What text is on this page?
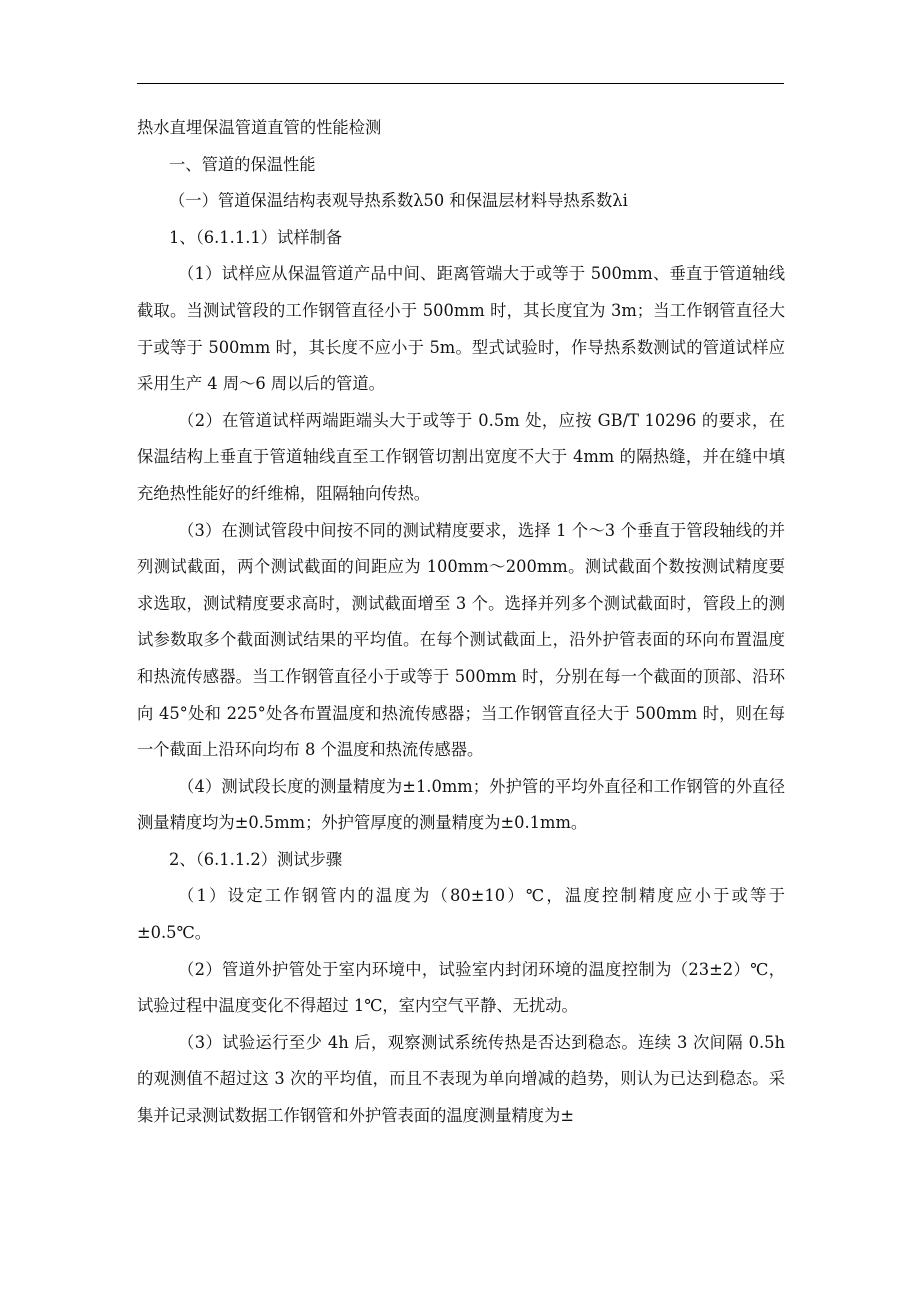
热水直埋保温管道直管的性能检测

一、管道的保温性能

（一）管道保温结构表观导热系数λ50 和保温层材料导热系数λi

1、（6.1.1.1）试样制备

（1）试样应从保温管道产品中间、距离管端大于或等于 500mm、垂直于管道轴线截取。当测试管段的工作钢管直径小于 500mm 时，其长度宜为 3m；当工作钢管直径大于或等于 500mm 时，其长度不应小于 5m。型式试验时，作导热系数测试的管道试样应采用生产 4 周～6 周以后的管道。

（2）在管道试样两端距端头大于或等于 0.5m 处，应按 GB/T 10296 的要求，在保温结构上垂直于管道轴线直至工作钢管切割出宽度不大于 4mm 的隔热缝，并在缝中填充绝热性能好的纤维棉，阻隔轴向传热。

（3）在测试管段中间按不同的测试精度要求，选择 1 个～3 个垂直于管段轴线的并列测试截面，两个测试截面的间距应为 100mm～200mm。测试截面个数按测试精度要求选取，测试精度要求高时，测试截面增至 3 个。选择并列多个测试截面时，管段上的测试参数取多个截面测试结果的平均值。在每个测试截面上，沿外护管表面的环向布置温度和热流传感器。当工作钢管直径小于或等于 500mm 时，分别在每一个截面的顶部、沿环向 45°处和 225°处各布置温度和热流传感器；当工作钢管直径大于 500mm 时，则在每一个截面上沿环向均布 8 个温度和热流传感器。

（4）测试段长度的测量精度为±1.0mm；外护管的平均外直径和工作钢管的外直径测量精度均为±0.5mm；外护管厚度的测量精度为±0.1mm。

2、（6.1.1.2）测试步骤

（1）设定工作钢管内的温度为（80±10）℃，温度控制精度应小于或等于±0.5℃。

（2）管道外护管处于室内环境中，试验室内封闭环境的温度控制为（23±2）℃，试验过程中温度变化不得超过 1℃，室内空气平静、无扰动。

（3）试验运行至少 4h 后，观察测试系统传热是否达到稳态。连续 3 次间隔 0.5h 的观测值不超过这 3 次的平均值，而且不表现为单向增减的趋势，则认为已达到稳态。采集并记录测试数据工作钢管和外护管表面的温度测量精度为±
